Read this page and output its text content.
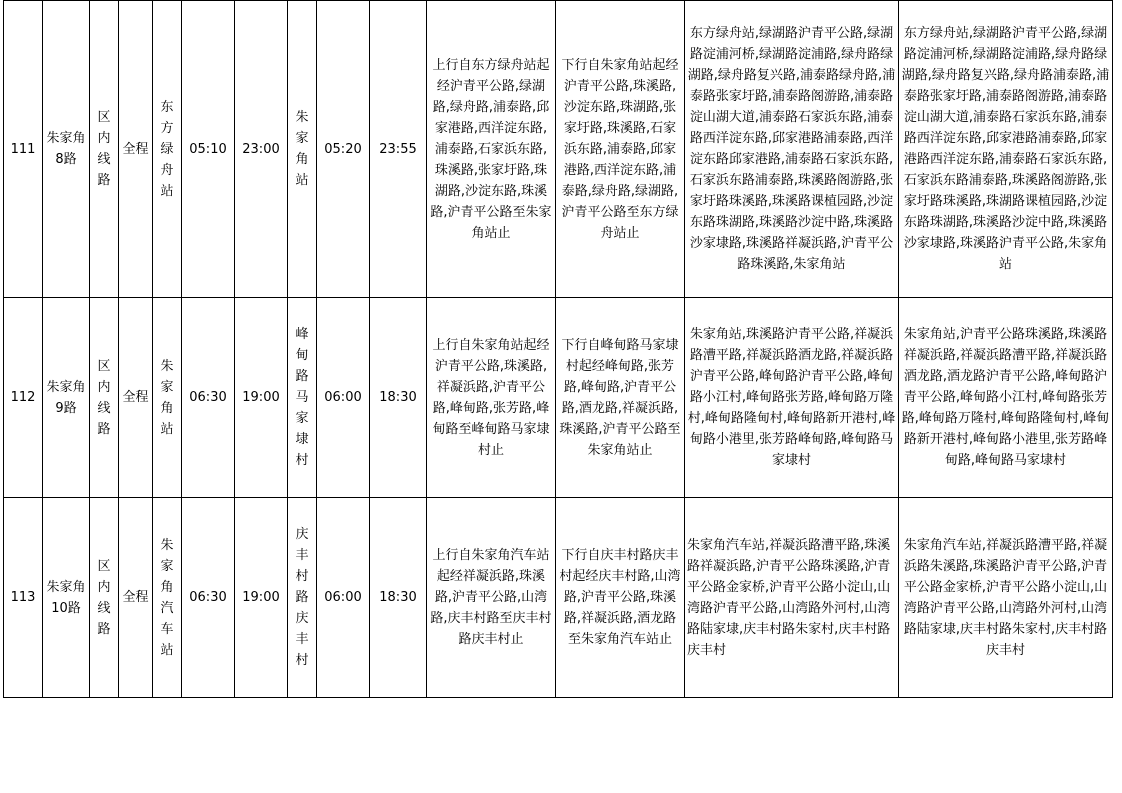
111	朱家角8路	区内线路	全程	东方绿舟站	05:10	23:00	朱家角站	05:20	23:55	上行自东方绿舟站起经沪青平公路,绿湖路,绿舟路,浦泰路,邱家港路,西洋淀东路,浦泰路,石家浜东路,珠溪路,张家圩路,珠湖路,沙淀东路,珠溪路,沪青平公路至朱家角站止	下行自朱家角站起经沪青平公路,珠溪路,沙淀东路,珠湖路,张家圩路,珠溪路,石家浜东路,浦泰路,邱家港路,西洋淀东路,浦泰路,绿舟路,绿湖路,沪青平公路至东方绿舟站止	东方绿舟站,绿湖路沪青平公路,绿湖路淀浦河桥,绿湖路淀浦路,绿舟路绿湖路,绿舟路复兴路,浦泰路绿舟路,浦泰路张家圩路,浦泰路阁游路,浦泰路淀山湖大道,浦泰路石家浜东路,浦泰路西洋淀东路,邱家港路浦泰路,西洋淀东路邱家港路,浦泰路石家浜东路,石家浜东路浦泰路,珠溪路阁游路,张家圩路珠溪路,珠溪路课植园路,沙淀东路珠湖路,珠溪路沙淀中路,珠溪路沙家埭路,珠溪路祥凝浜路,沪青平公路珠溪路,朱家角站	东方绿舟站,绿湖路沪青平公路,绿湖路淀浦河桥,绿湖路淀浦路,绿舟路绿湖路,绿舟路复兴路,绿舟路浦泰路,浦泰路张家圩路,浦泰路阁游路,浦泰路淀山湖大道,浦泰路石家浜东路,浦泰路西洋淀东路,邱家港路浦泰路,邱家港路西洋淀东路,浦泰路石家浜东路,石家浜东路浦泰路,珠溪路阁游路,张家圩路珠溪路,珠湖路课植园路,沙淀东路珠湖路,珠溪路沙淀中路,珠溪路沙家埭路,珠溪路沪青平公路,朱家角站
112	朱家角9路	区内线路	全程	朱家角站	06:30	19:00	峰甸路马家埭村	06:00	18:30	上行自朱家角站起经沪青平公路,珠溪路,祥凝浜路,沪青平公路,峰甸路,张芳路,峰甸路至峰甸路马家埭村止	下行自峰甸路马家埭村起经峰甸路,张芳路,峰甸路,沪青平公路,酒龙路,祥凝浜路,珠溪路,沪青平公路至朱家角站止	朱家角站,珠溪路沪青平公路,祥凝浜路漕平路,祥凝浜路酒龙路,祥凝浜路沪青平公路,峰甸路沪青平公路,峰甸路小江村,峰甸路张芳路,峰甸路万隆村,峰甸路隆甸村,峰甸路新开港村,峰甸路小港里,张芳路峰甸路,峰甸路马家埭村	朱家角站,沪青平公路珠溪路,珠溪路祥凝浜路,祥凝浜路漕平路,祥凝浜路酒龙路,酒龙路沪青平公路,峰甸路沪青平公路,峰甸路小江村,峰甸路张芳路,峰甸路万隆村,峰甸路隆甸村,峰甸路新开港村,峰甸路小港里,张芳路峰甸路,峰甸路马家埭村
113	朱家角10路	区内线路	全程	朱家角汽车站	06:30	19:00	庆丰村路庆丰村	06:00	18:30	上行自朱家角汽车站起经祥凝浜路,珠溪路,沪青平公路,山湾路,庆丰村路至庆丰村路庆丰村止	下行自庆丰村路庆丰村起经庆丰村路,山湾路,沪青平公路,珠溪路,祥凝浜路,酒龙路至朱家角汽车站止	朱家角汽车站,祥凝浜路漕平路,珠溪路祥凝浜路,沪青平公路珠溪路,沪青平公路金家桥,沪青平公路小淀山,山湾路沪青平公路,山湾路外河村,山湾路陆家埭,庆丰村路朱家村,庆丰村路庆丰村	朱家角汽车站,祥凝浜路漕平路,祥凝浜路朱溪路,珠溪路沪青平公路,沪青平公路金家桥,沪青平公路小淀山,山湾路沪青平公路,山湾路外河村,山湾路陆家埭,庆丰村路朱家村,庆丰村路庆丰村
